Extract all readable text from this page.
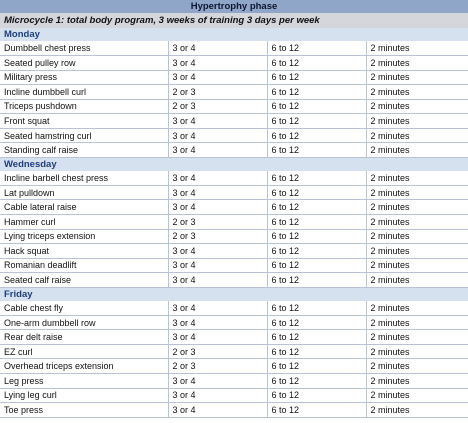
Hypertrophy phase
Microcycle 1: total body program, 3 weeks of training 3 days per week
Monday
Dumbbell chest press	3 or 4	6 to 12	2 minutes
Seated pulley row	3 or 4	6 to 12	2 minutes
Military press	3 or 4	6 to 12	2 minutes
Incline dumbbell curl	2 or 3	6 to 12	2 minutes
Triceps pushdown	2 or 3	6 to 12	2 minutes
Front squat	3 or 4	6 to 12	2 minutes
Seated hamstring curl	3 or 4	6 to 12	2 minutes
Standing calf raise	3 or 4	6 to 12	2 minutes
Wednesday
Incline barbell chest press	3 or 4	6 to 12	2 minutes
Lat pulldown	3 or 4	6 to 12	2 minutes
Cable lateral raise	3 or 4	6 to 12	2 minutes
Hammer curl	2 or 3	6 to 12	2 minutes
Lying triceps extension	2 or 3	6 to 12	2 minutes
Hack squat	3 or 4	6 to 12	2 minutes
Romanian deadlift	3 or 4	6 to 12	2 minutes
Seated calf raise	3 or 4	6 to 12	2 minutes
Friday
Cable chest fly	3 or 4	6 to 12	2 minutes
One-arm dumbbell row	3 or 4	6 to 12	2 minutes
Rear delt raise	3 or 4	6 to 12	2 minutes
EZ curl	2 or 3	6 to 12	2 minutes
Overhead triceps extension	2 or 3	6 to 12	2 minutes
Leg press	3 or 4	6 to 12	2 minutes
Lying leg curl	3 or 4	6 to 12	2 minutes
Toe press	3 or 4	6 to 12	2 minutes
